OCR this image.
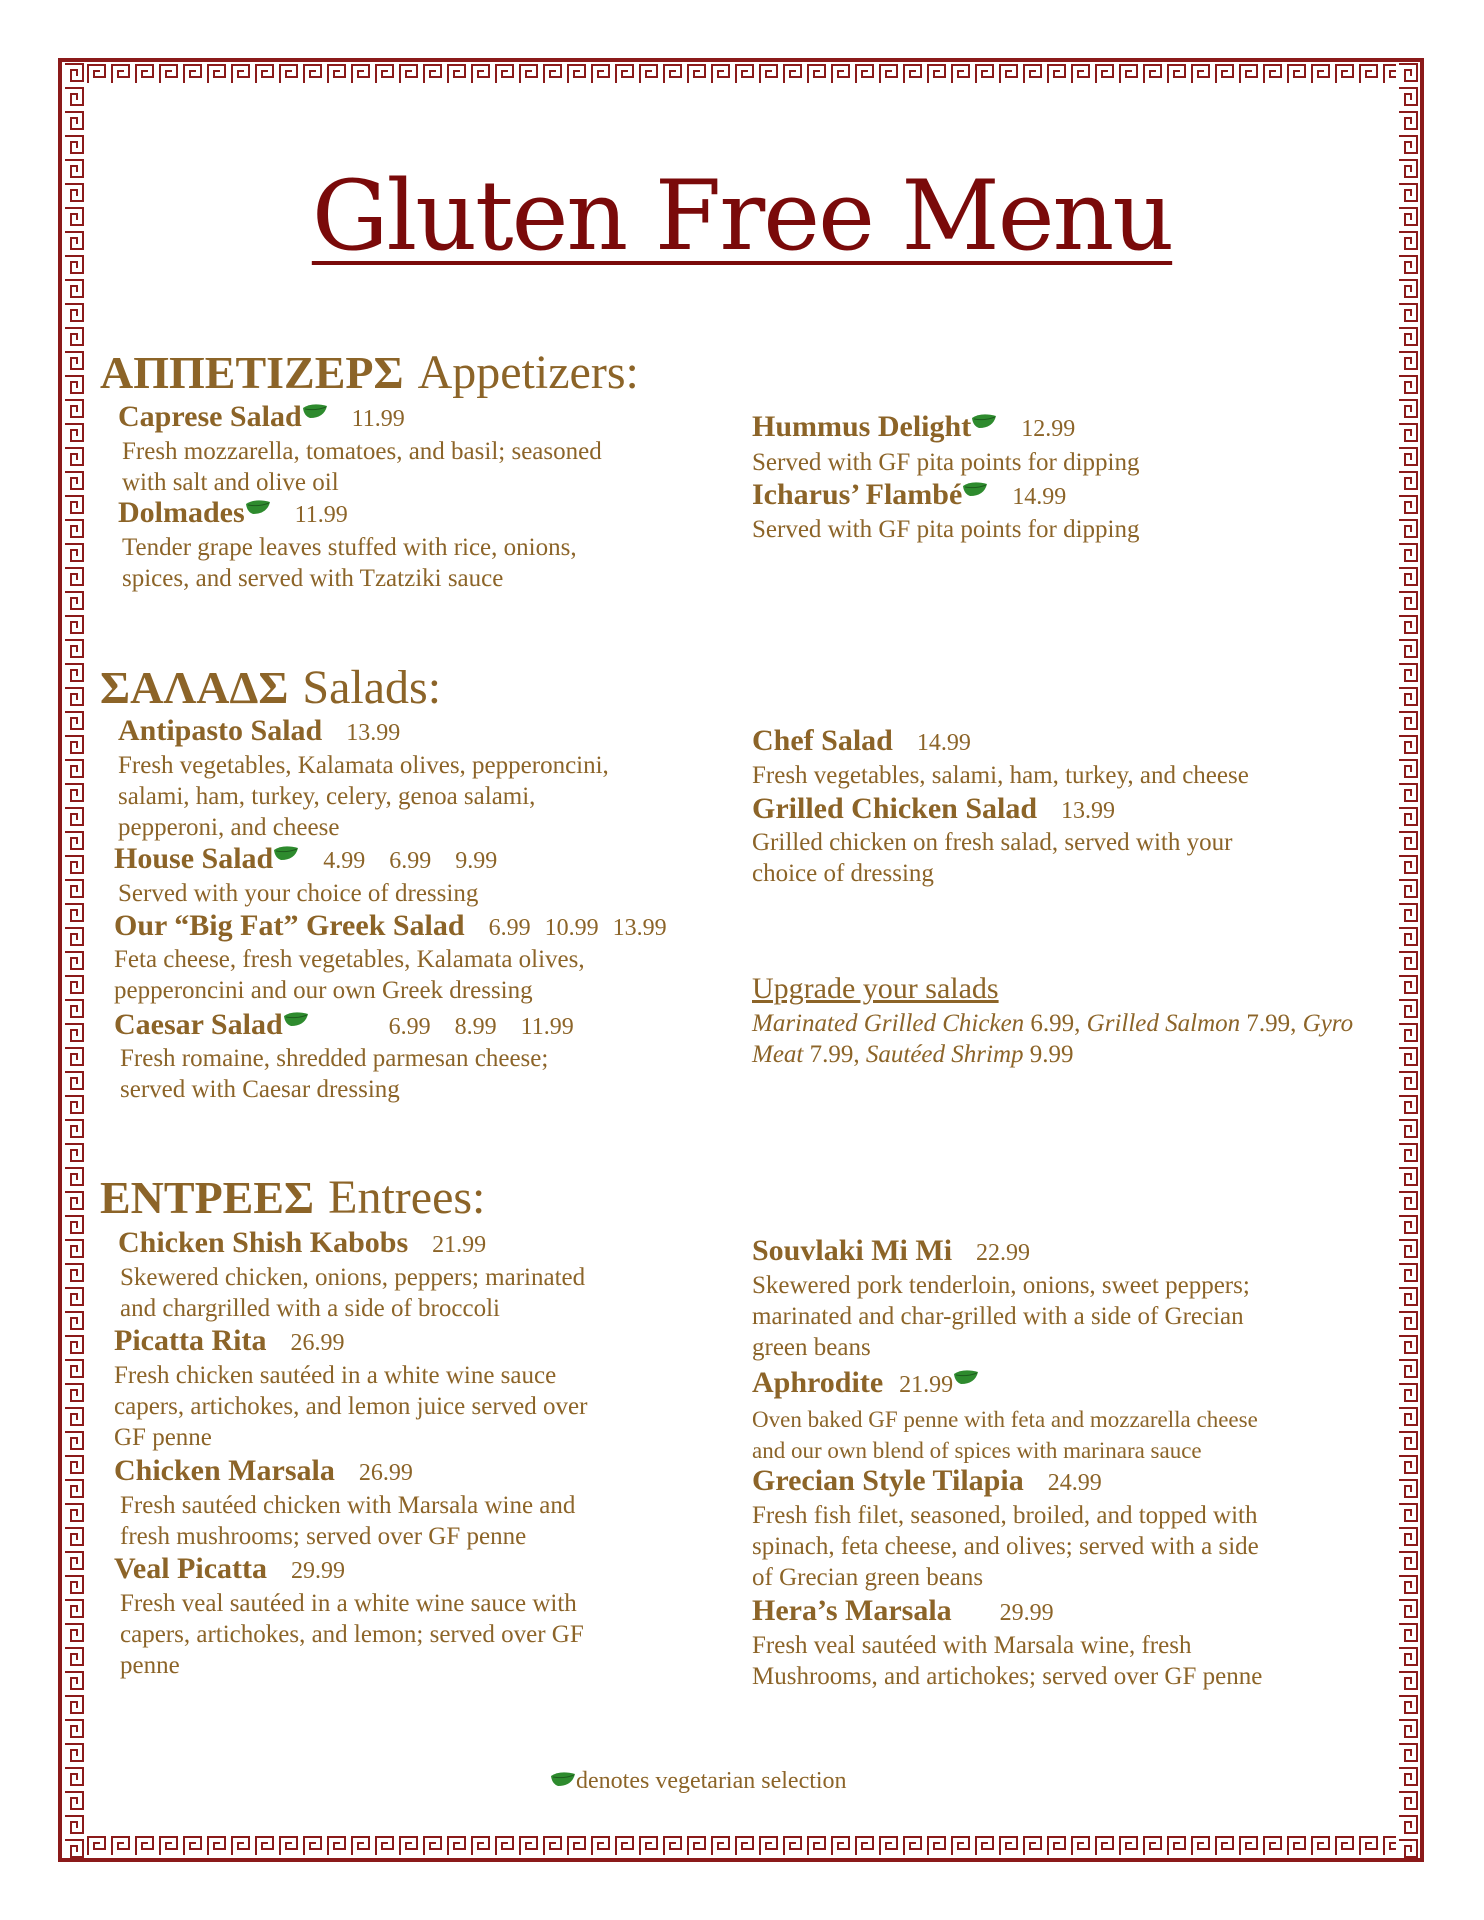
Gluten Free Menu
ΑΠΠΕΤΙΖΕΡΣ Appetizers:
Caprese Salad 11.99
Fresh mozzarella, tomatoes, and basil; seasoned
with salt and olive oil
Dolmades 11.99
Tender grape leaves stuffed with rice, onions,
spices, and served with Tzatziki sauce
Hummus Delight 12.99
Served with GF pita points for dipping
Icharus’ Flambé 14.99
Served with GF pita points for dipping
ΣΑΛΑΔΣ Salads:
Antipasto Salad 13.99
Fresh vegetables, Kalamata olives, pepperoncini,
salami, ham, turkey, celery, genoa salami,
pepperoni, and cheese
House Salad 4.99 6.99 9.99
Served with your choice of dressing
Our “Big Fat” Greek Salad 6.99 10.99 13.99
Feta cheese, fresh vegetables, Kalamata olives,
pepperoncini and our own Greek dressing
Caesar Salad	6.99 8.99 11.99
Fresh romaine, shredded parmesan cheese;
served with Caesar dressing
Chef Salad 14.99
Fresh vegetables, salami, ham, turkey, and cheese
Grilled Chicken Salad 13.99
Grilled chicken on fresh salad, served with your
choice of dressing
Upgrade your salads
Marinated Grilled Chicken 6.99, Grilled Salmon 7.99, Gyro Meat 7.99, Sautéed Shrimp 9.99
ΕΝΤΡΕΕΣ Entrees:
Chicken Shish Kabobs 21.99
Skewered chicken, onions, peppers; marinated
and chargrilled with a side of broccoli
Picatta Rita 26.99
Fresh chicken sautéed in a white wine sauce
capers, artichokes, and lemon juice served over
GF penne
Chicken Marsala 26.99
Fresh sautéed chicken with Marsala wine and
fresh mushrooms; served over GF penne
Veal Picatta 29.99
Fresh veal sautéed in a white wine sauce with
capers, artichokes, and lemon; served over GF
penne
Souvlaki Mi Mi 22.99
Skewered pork tenderloin, onions, sweet peppers;
marinated and char-grilled with a side of Grecian
green beans
Aphrodite 21.99
Oven baked GF penne with feta and mozzarella cheese
and our own blend of spices with marinara sauce
Grecian Style Tilapia 24.99
Fresh fish filet, seasoned, broiled, and topped with
spinach, feta cheese, and olives; served with a side
of Grecian green beans
Hera’s Marsala 29.99
Fresh veal sautéed with Marsala wine, fresh
Mushrooms, and artichokes; served over GF penne
denotes vegetarian selection
